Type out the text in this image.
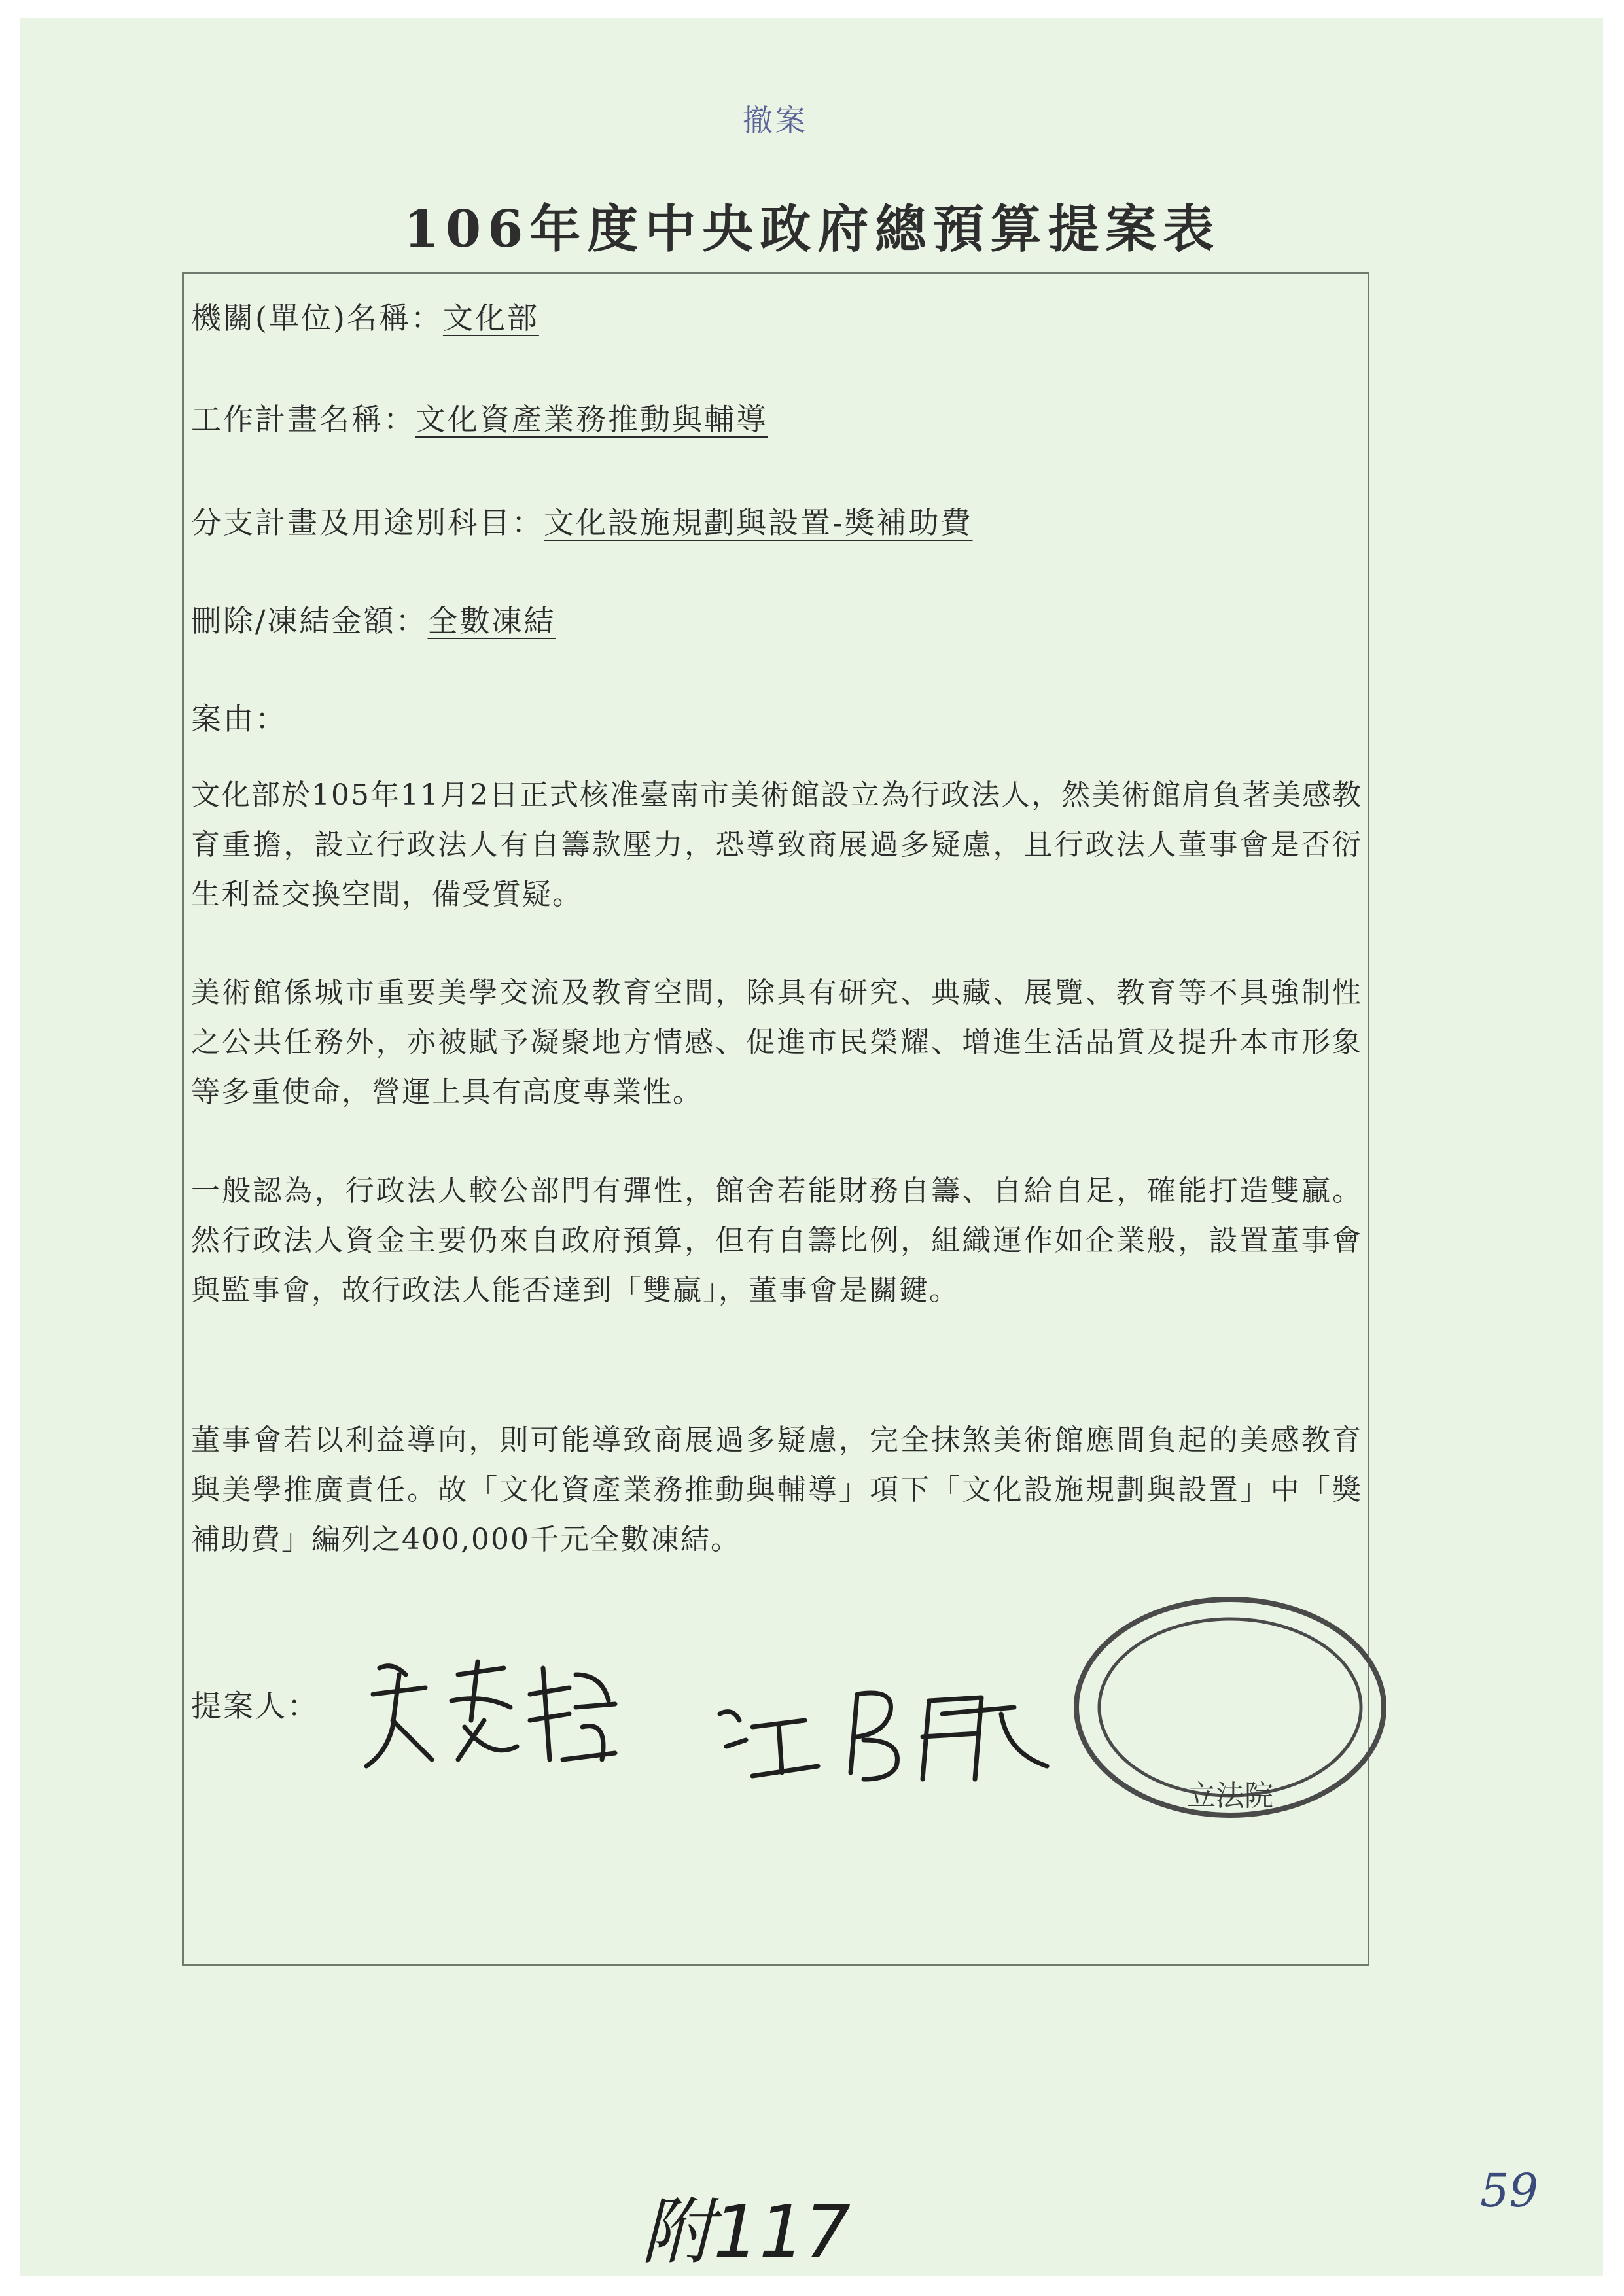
撤案
106年度中央政府總預算提案表
機關(單位)名稱：文化部
工作計畫名稱：文化資產業務推動與輔導
分支計畫及用途別科目：文化設施規劃與設置-獎補助費
刪除/凍結金額：全數凍結
案由：
文化部於105年11月2日正式核准臺南市美術館設立為行政法人，然美術館肩負著美感教育重擔，設立行政法人有自籌款壓力，恐導致商展過多疑慮，且行政法人董事會是否衍生利益交換空間，備受質疑。
美術館係城市重要美學交流及教育空間，除具有研究、典藏、展覽、教育等不具強制性之公共任務外，亦被賦予凝聚地方情感、促進市民榮耀、增進生活品質及提升本市形象等多重使命，營運上具有高度專業性。
一般認為，行政法人較公部門有彈性，館舍若能財務自籌、自給自足，確能打造雙贏。然行政法人資金主要仍來自政府預算，但有自籌比例，組織運作如企業般，設置董事會與監事會，故行政法人能否達到「雙贏」，董事會是關鍵。
董事會若以利益導向，則可能導致商展過多疑慮，完全抹煞美術館應間負起的美感教育與美學推廣責任。故「文化資產業務推動與輔導」項下「文化設施規劃與設置」中「獎補助費」編列之400,000千元全數凍結。
提案人：
立法院
附117	59
